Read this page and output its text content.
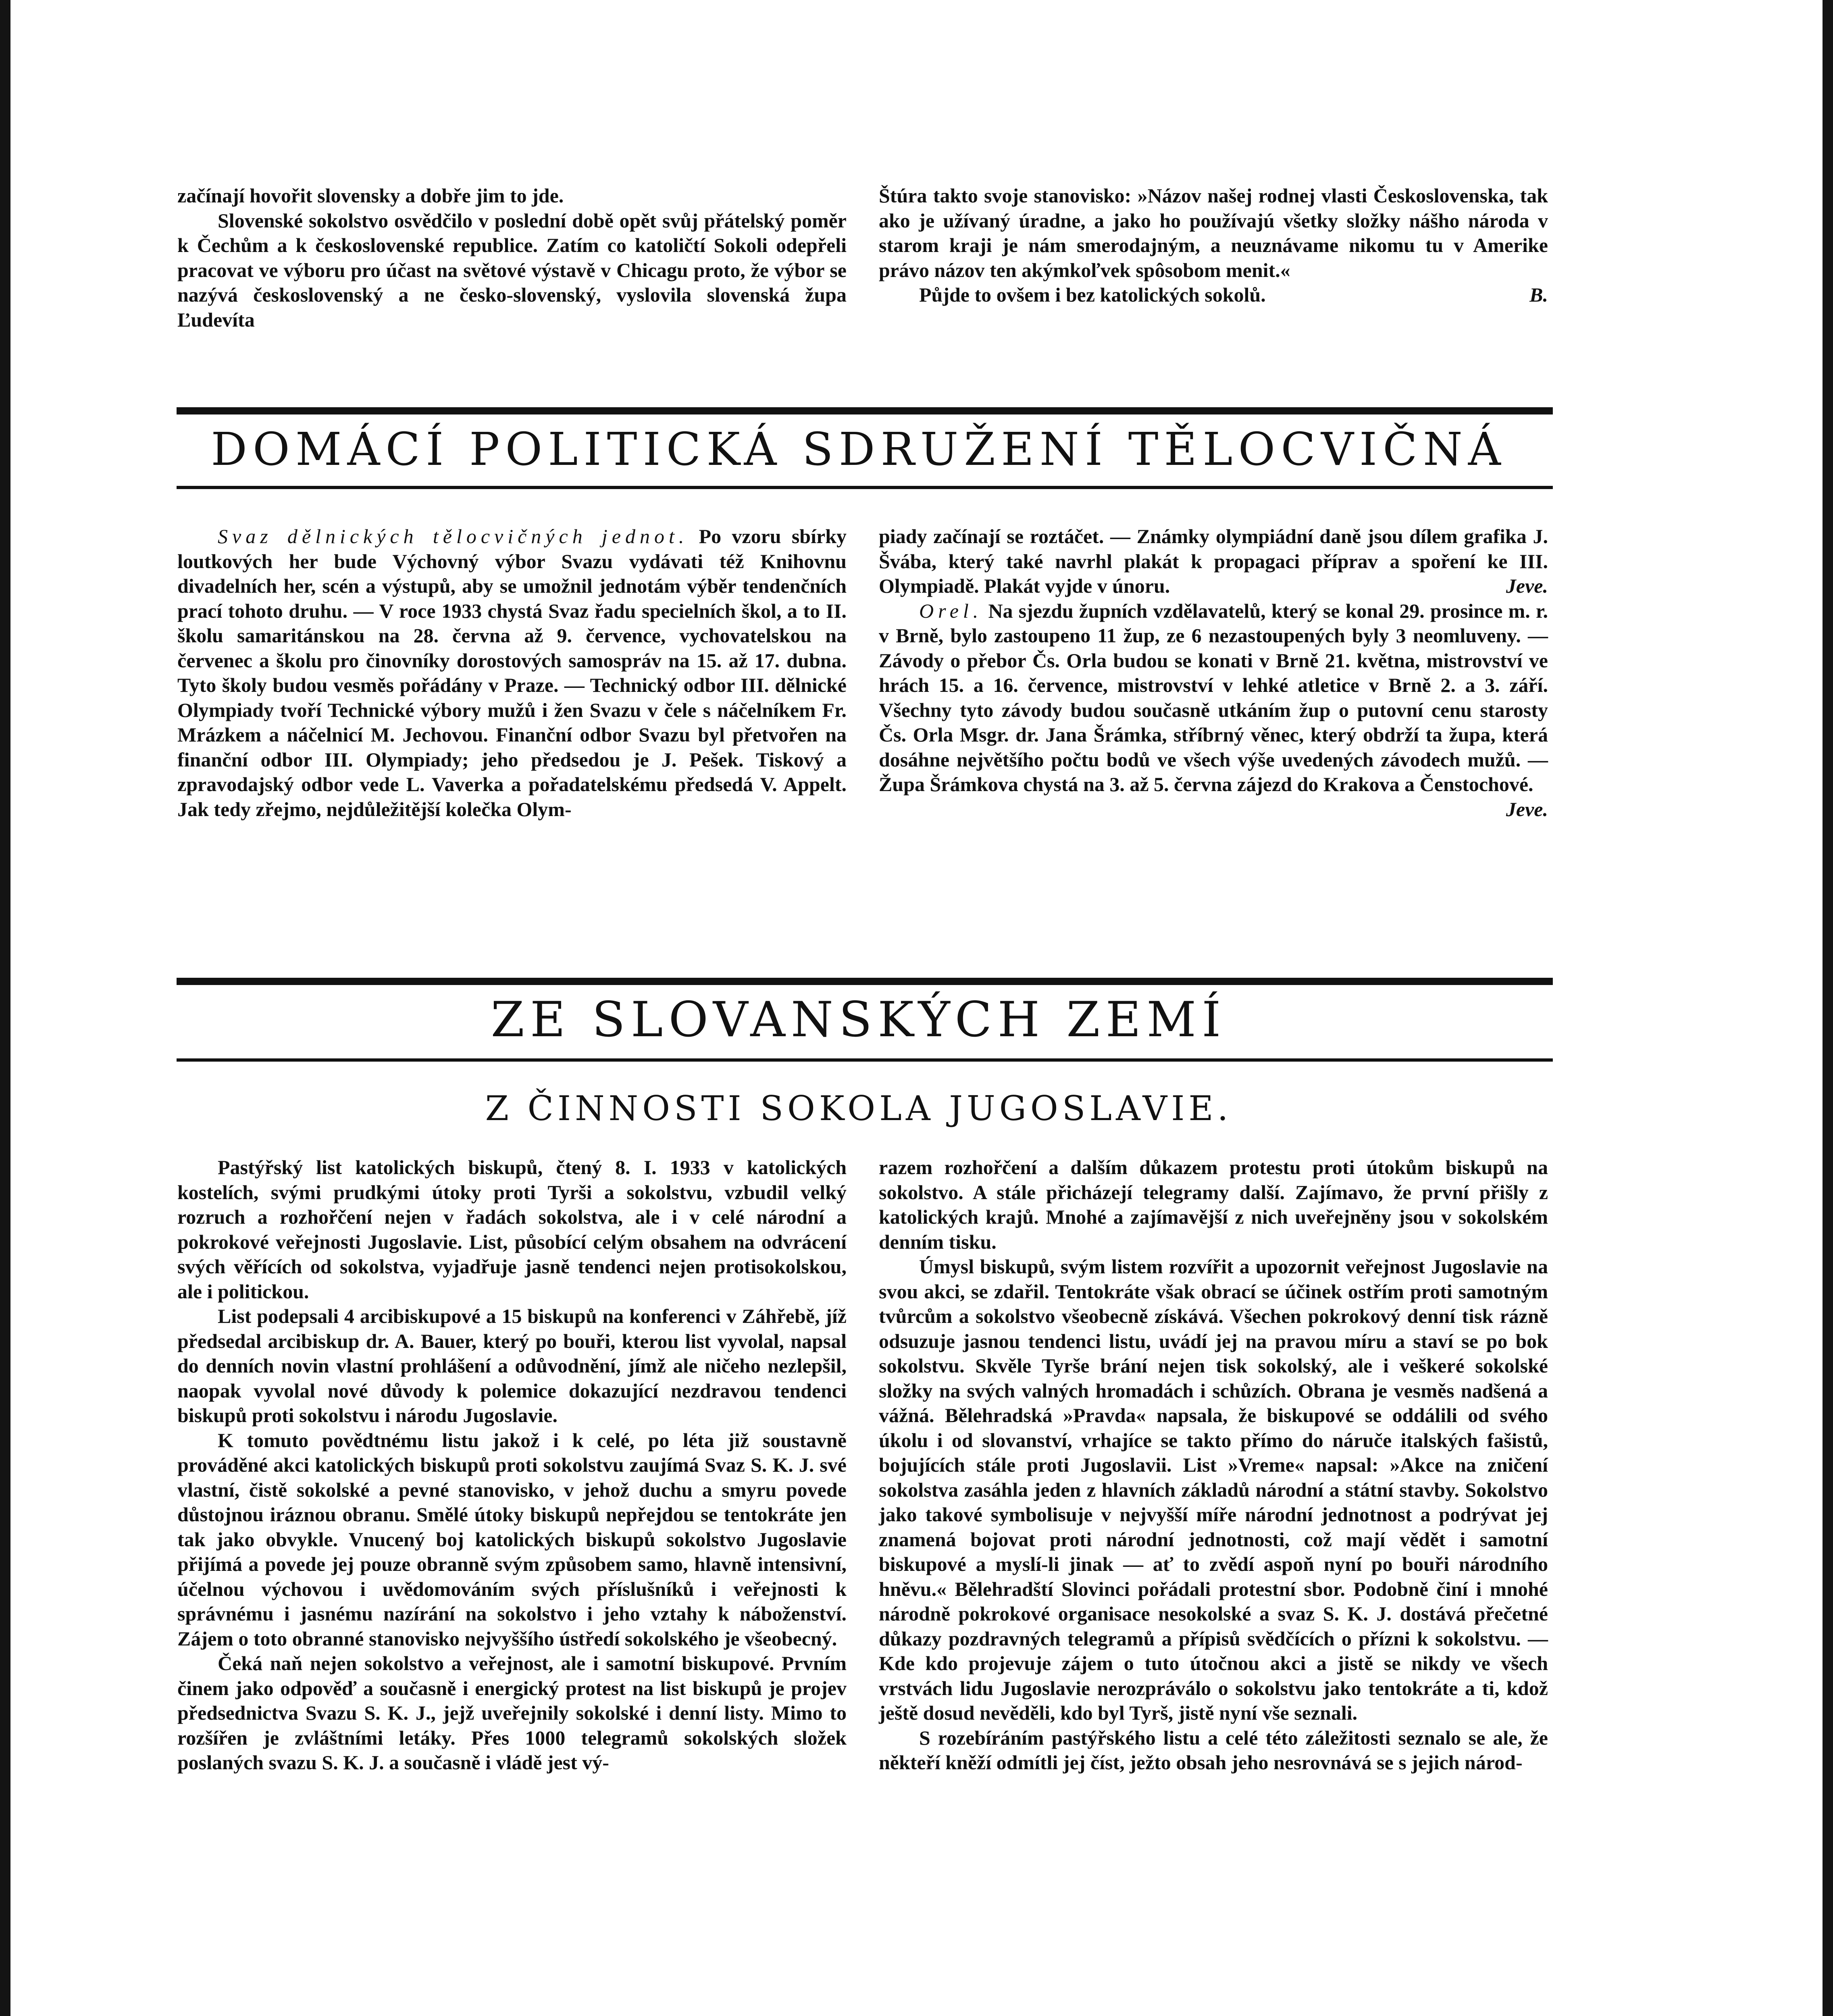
začínají hovořit slovensky a dobře jim to jde.

Slovenské sokolstvo osvědčilo v poslední době opět svůj přátelský poměr k Čechům a k československé republice. Zatím co katoličtí Sokoli odepřeli pracovat ve výboru pro účast na světové výstavě v Chicagu proto, že výbor se nazývá československý a ne česko-slovenský, vyslovila slovenská župa Ľudevíta

Štúra takto svoje stanovisko: »Názov našej rodnej vlasti Československa, tak ako je užívaný úradne, a jako ho používajú všetky složky nášho národa v starom kraji je nám smerodajným, a neuznávame nikomu tu v Amerike právo názov ten akýmkoľvek spôsobom menit.«

Půjde to ovšem i bez katolických sokolů.	B.

DOMÁCÍ POLITICKÁ SDRUŽENÍ TĚLOCVIČNÁ

Svaz dělnických tělocvičných jednot. Po vzoru sbírky loutkových her bude Výchovný výbor Svazu vydávati též Knihovnu divadelních her, scén a výstupů, aby se umožnil jednotám výběr tendenčních prací tohoto druhu. — V roce 1933 chystá Svaz řadu specielních škol, a to II. školu samaritánskou na 28. června až 9. července, vychovatelskou na červenec a školu pro činovníky dorostových samospráv na 15. až 17. dubna. Tyto školy budou vesměs pořádány v Praze. — Technický odbor III. dělnické Olympiady tvoří Technické výbory mužů i žen Svazu v čele s náčelníkem Fr. Mrázkem a náčelnicí M. Jechovou. Finanční odbor Svazu byl přetvořen na finanční odbor III. Olympiady; jeho předsedou je J. Pešek. Tiskový a zpravodajský odbor vede L. Vaverka a pořadatelskému předsedá V. Appelt. Jak tedy zřejmo, nejdůležitější kolečka Olym-

piady začínají se roztáčet. — Známky olympiádní daně jsou dílem grafika J. Švába, který také navrhl plakát k propagaci příprav a spoření ke III. Olympiadě. Plakát vyjde v únoru.	Jeve.

Orel. Na sjezdu župních vzdělavatelů, který se konal 29. prosince m. r. v Brně, bylo zastoupeno 11 žup, ze 6 nezastoupených byly 3 neomluveny. — Závody o přebor Čs. Orla budou se konati v Brně 21. května, mistrovství ve hrách 15. a 16. července, mistrovství v lehké atletice v Brně 2. a 3. září. Všechny tyto závody budou současně utkáním žup o putovní cenu starosty Čs. Orla Msgr. dr. Jana Šrámka, stříbrný věnec, který obdrží ta župa, která dosáhne největšího počtu bodů ve všech výše uvedených závodech mužů. — Župa Šrámkova chystá na 3. až 5. června zájezd do Krakova a Čenstochové.

Jeve.

ZE SLOVANSKÝCH ZEMÍ
Z ČINNOSTI SOKOLA JUGOSLAVIE.

Pastýřský list katolických biskupů, čtený 8. I. 1933 v katolických kostelích, svými prudkými útoky proti Tyrši a sokolstvu, vzbudil velký rozruch a rozhořčení nejen v řadách sokolstva, ale i v celé národní a pokrokové veřejnosti Jugoslavie. List, působící celým obsahem na odvrácení svých věřících od sokolstva, vyjadřuje jasně tendenci nejen protisokolskou, ale i politickou.

List podepsali 4 arcibiskupové a 15 biskupů na konferenci v Záhřebě, jíž předsedal arcibiskup dr. A. Bauer, který po bouři, kterou list vyvolal, napsal do denních novin vlastní prohlášení a odůvodnění, jímž ale ničeho nezlepšil, naopak vyvolal nové důvody k polemice dokazující nezdravou tendenci biskupů proti sokolstvu i národu Jugoslavie.

K tomuto povědtnému listu jakož i k celé, po léta již soustavně prováděné akci katolických biskupů proti sokolstvu zaujímá Svaz S. K. J. své vlastní, čistě sokolské a pevné stanovisko, v jehož duchu a smyru povede důstojnou iráznou obranu. Smělé útoky biskupů nepřejdou se tentokráte jen tak jako obvykle. Vnucený boj katolických biskupů sokolstvo Jugoslavie přijímá a povede jej pouze obranně svým způsobem samo, hlavně intensivní, účelnou výchovou i uvědomováním svých příslušníků i veřejnosti k správnému i jasnému nazírání na sokolstvo i jeho vztahy k náboženství. Zájem o toto obranné stanovisko nejvyššího ústředí sokolského je všeobecný.

Čeká naň nejen sokolstvo a veřejnost, ale i samotní biskupové. Prvním činem jako odpověď a současně i energický protest na list biskupů je projev předsednictva Svazu S. K. J., jejž uveřejnily sokolské i denní listy. Mimo to rozšířen je zvláštními letáky. Přes 1000 telegramů sokolských složek poslaných svazu S. K. J. a současně i vládě jest vý-

razem rozhořčení a dalším důkazem protestu proti útokům biskupů na sokolstvo. A stále přicházejí telegramy další. Zajímavo, že první přišly z katolických krajů. Mnohé a zajímavější z nich uveřejněny jsou v sokolském denním tisku.

Úmysl biskupů, svým listem rozvířit a upozornit veřejnost Jugoslavie na svou akci, se zdařil. Tentokráte však obrací se účinek ostřím proti samotným tvůrcům a sokolstvo všeobecně získává. Všechen pokrokový denní tisk rázně odsuzuje jasnou tendenci listu, uvádí jej na pravou míru a staví se po bok sokolstvu. Skvěle Tyrše brání nejen tisk sokolský, ale i veškeré sokolské složky na svých valných hromadách i schůzích. Obrana je vesměs nadšená a vážná. Bělehradská »Pravda« napsala, že biskupové se oddálili od svého úkolu i od slovanství, vrhajíce se takto přímo do náruče italských fašistů, bojujících stále proti Jugoslavii. List »Vreme« napsal: »Akce na zničení sokolstva zasáhla jeden z hlavních základů národní a státní stavby. Sokolstvo jako takové symbolisuje v nejvyšší míře národní jednotnost a podrývat jej znamená bojovat proti národní jednotnosti, což mají vědět i samotní biskupové a myslí-li jinak — ať to zvědí aspoň nyní po bouři národního hněvu.« Bělehradští Slovinci pořádali protestní sbor. Podobně činí i mnohé národně pokrokové organisace nesokolské a svaz S. K. J. dostává přečetné důkazy pozdravných telegramů a přípisů svědčících o přízni k sokolstvu. — Kde kdo projevuje zájem o tuto útočnou akci a jistě se nikdy ve všech vrstvách lidu Jugoslavie nerozpráválo o sokolstvu jako tentokráte a ti, kdož ještě dosud nevěděli, kdo byl Tyrš, jistě nyní vše seznali.

S rozebíráním pastýřského listu a celé této záležitosti seznalo se ale, že někteří kněží odmítli jej číst, ježto obsah jeho nesrovnává se s jejich národ-
